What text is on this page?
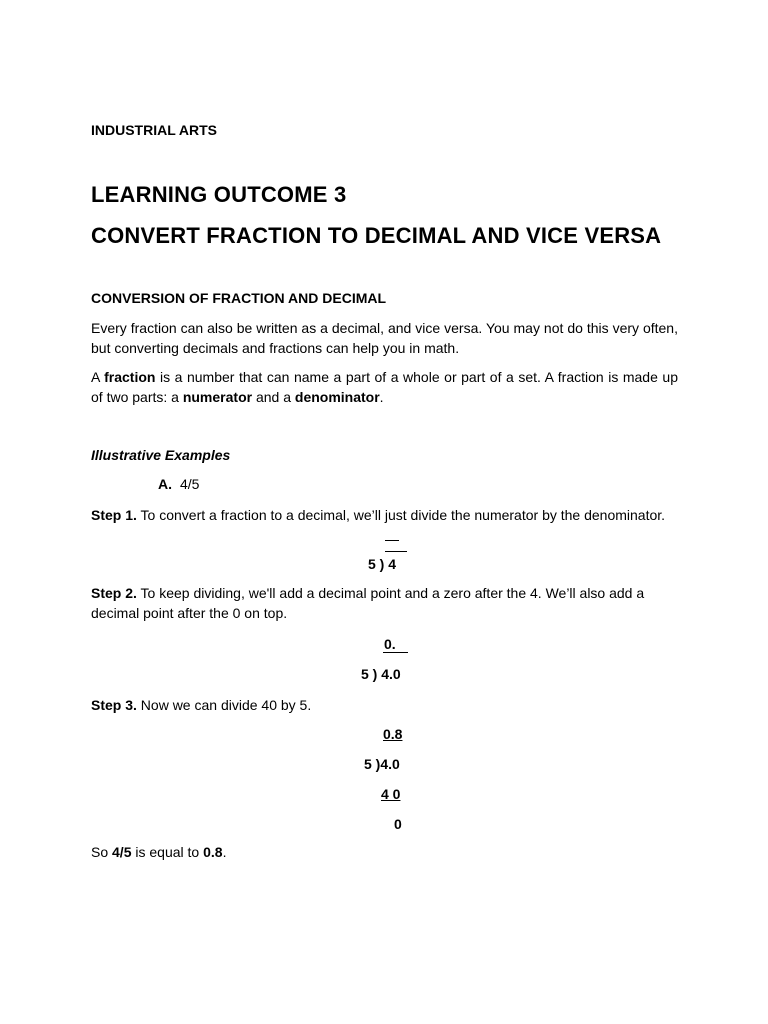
INDUSTRIAL ARTS
LEARNING OUTCOME 3
CONVERT FRACTION TO DECIMAL AND VICE VERSA
CONVERSION OF FRACTION AND DECIMAL
Every fraction can also be written as a decimal, and vice versa. You may not do this very often, but converting decimals and fractions can help you in math.
A fraction is a number that can name a part of a whole or part of a set. A fraction is made up of two parts: a numerator and a denominator.
Illustrative Examples
A. 4/5
Step 1. To convert a fraction to a decimal, we’ll just divide the numerator by the denominator.
5 ) 4
Step 2. To keep dividing, we'll add a decimal point and a zero after the 4. We’ll also add a decimal point after the 0 on top.
0.
5 ) 4.0
Step 3. Now we can divide 40 by 5.
0.8
5 )4.0
4 0
0
So 4/5 is equal to 0.8.
